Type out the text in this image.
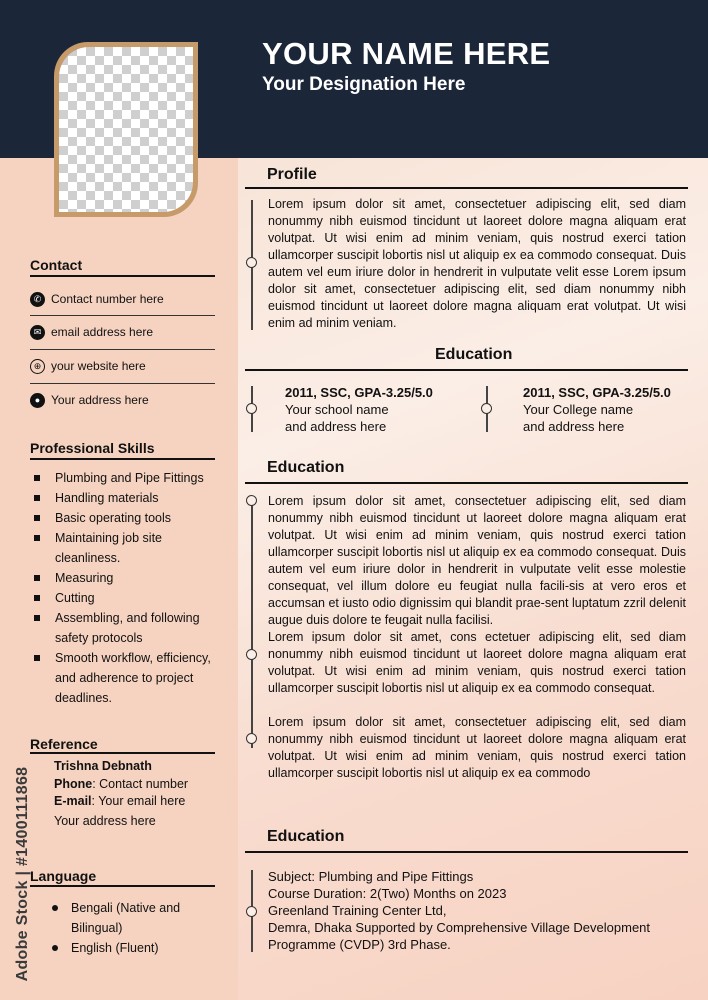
YOUR NAME HERE
Your Designation Here
Contact
✆ Contact number here
✉ email address here
⊕ your website here
● Your address here
Professional Skills
Plumbing and Pipe Fittings
Handling materials
Basic operating tools
Maintaining job site cleanliness.
Measuring
Cutting
Assembling, and following safety protocols
Smooth workflow, efficiency, and adherence to project deadlines.
Reference
Trishna Debnath
Phone: Contact number
E-mail: Your email here
Your address here
Language
Bengali (Native and Bilingual)
English (Fluent)
Adobe Stock | #1400111868
Profile
Lorem ipsum dolor sit amet, consectetuer adipiscing elit, sed diam nonummy nibh euismod tincidunt ut laoreet dolore magna aliquam erat volutpat. Ut wisi enim ad minim veniam, quis nostrud exerci tation ullamcorper suscipit lobortis nisl ut aliquip ex ea commodo consequat. Duis autem vel eum iriure dolor in hendrerit in vulputate velit esse Lorem ipsum dolor sit amet, consectetuer adipiscing elit, sed diam nonummy nibh euismod tincidunt ut laoreet dolore magna aliquam erat volutpat. Ut wisi enim ad minim veniam.
Education
2011, SSC, GPA-3.25/5.0
Your school name
and address here
2011, SSC, GPA-3.25/5.0
Your College name
and address here
Education
Lorem ipsum dolor sit amet, consectetuer adipiscing elit, sed diam nonummy nibh euismod tincidunt ut laoreet dolore magna aliquam erat volutpat. Ut wisi enim ad minim veniam, quis nostrud exerci tation ullamcorper suscipit lobortis nisl ut aliquip ex ea commodo consequat. Duis autem vel eum iriure dolor in hendrerit in vulputate velit esse molestie consequat, vel illum dolore eu feugiat nulla facili-sis at vero eros et accumsan et iusto odio dignissim qui blandit prae-sent luptatum zzril delenit augue duis dolore te feugait nulla facilisi.
Lorem ipsum dolor sit amet, cons ectetuer adipiscing elit, sed diam nonummy nibh euismod tincidunt ut laoreet dolore magna aliquam erat volutpat. Ut wisi enim ad minim veniam, quis nostrud exerci tation ullamcorper suscipit lobortis nisl ut aliquip ex ea commodo consequat.
Lorem ipsum dolor sit amet, consectetuer adipiscing elit, sed diam nonummy nibh euismod tincidunt ut laoreet dolore magna aliquam erat volutpat. Ut wisi enim ad minim veniam, quis nostrud exerci tation ullamcorper suscipit lobortis nisl ut aliquip ex ea commodo
Education
Subject: Plumbing and Pipe Fittings
Course Duration: 2(Two) Months on 2023
Greenland Training Center Ltd,
Demra, Dhaka Supported by Comprehensive Village Development Programme (CVDP) 3rd Phase.
